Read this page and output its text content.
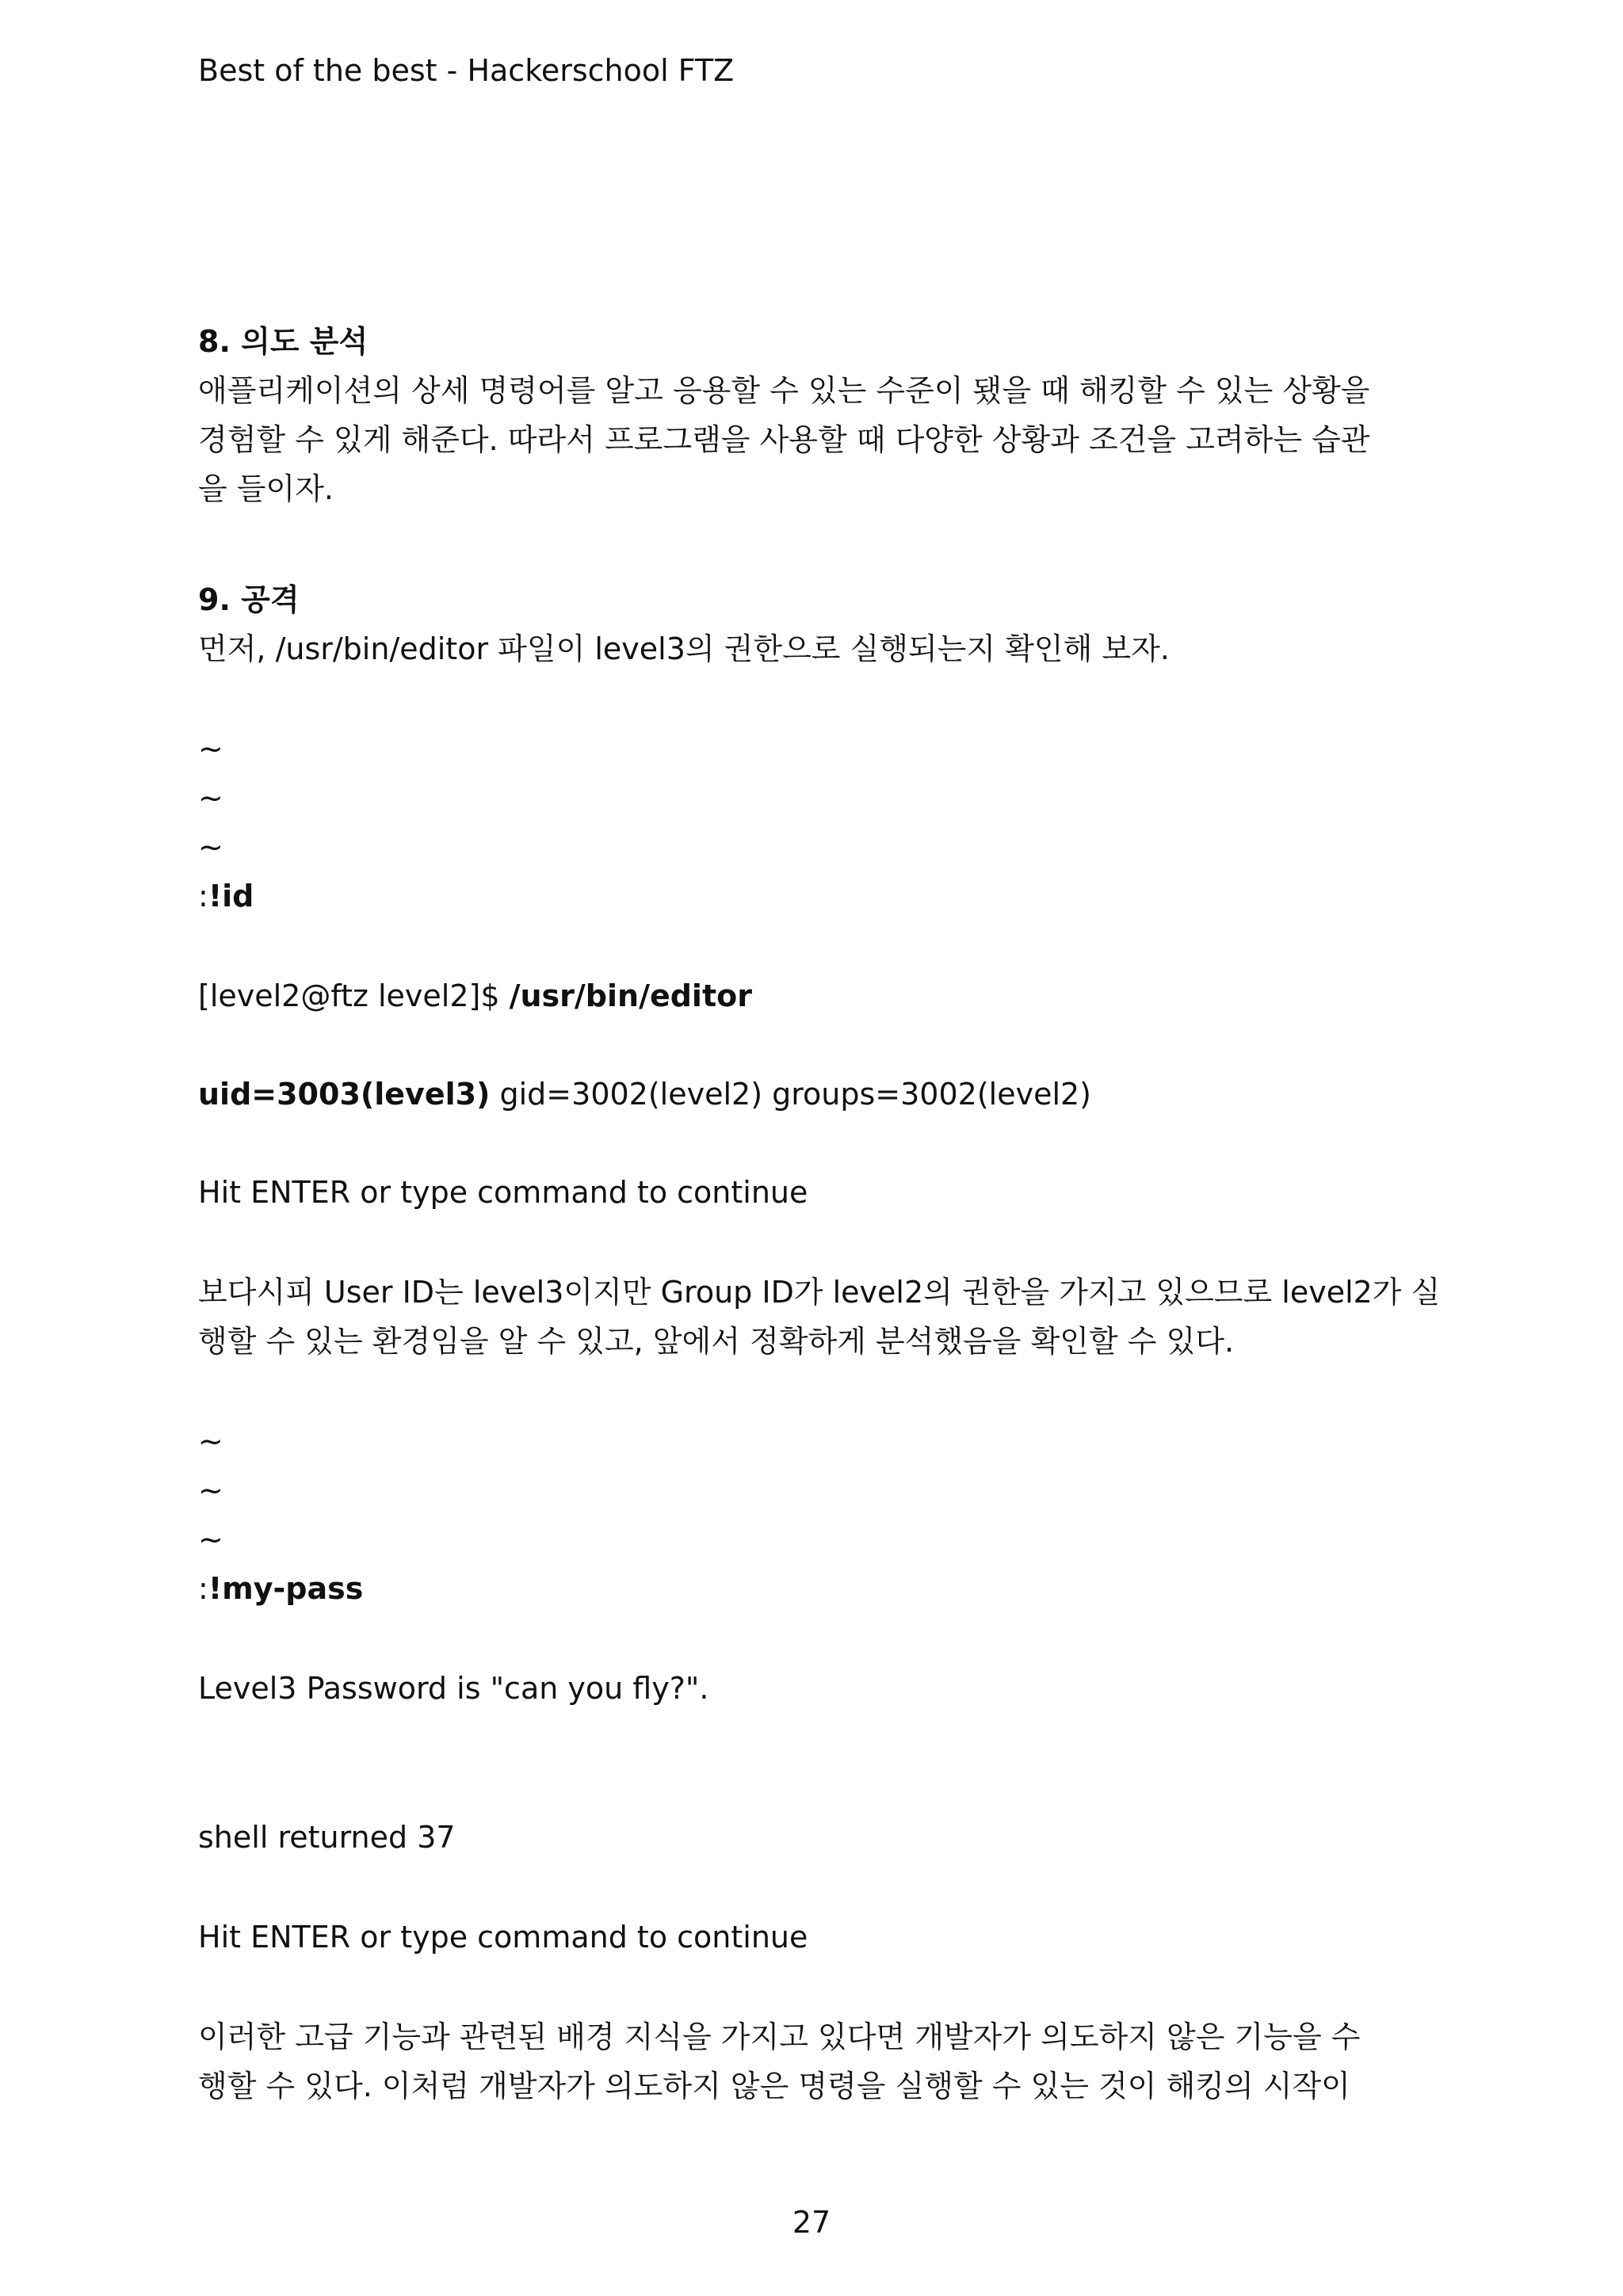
Best of the best - Hackerschool FTZ
8. 의도 분석
애플리케이션의 상세 명령어를 알고 응용할 수 있는 수준이 됐을 때 해킹할 수 있는 상황을
경험할 수 있게 해준다. 따라서 프로그램을 사용할 때 다양한 상황과 조건을 고려하는 습관
을 들이자.
9. 공격
먼저, /usr/bin/editor 파일이 level3의 권한으로 실행되는지 확인해 보자.
~
~
~
:!id
[level2@ftz level2]$ /usr/bin/editor
uid=3003(level3) gid=3002(level2) groups=3002(level2)
Hit ENTER or type command to continue
보다시피 User ID는 level3이지만 Group ID가 level2의 권한을 가지고 있으므로 level2가 실
행할 수 있는 환경임을 알 수 있고, 앞에서 정확하게 분석했음을 확인할 수 있다.
~
~
~
:!my-pass
Level3 Password is "can you fly?".
shell returned 37
Hit ENTER or type command to continue
이러한 고급 기능과 관련된 배경 지식을 가지고 있다면 개발자가 의도하지 않은 기능을 수
행할 수 있다. 이처럼 개발자가 의도하지 않은 명령을 실행할 수 있는 것이 해킹의 시작이
27
